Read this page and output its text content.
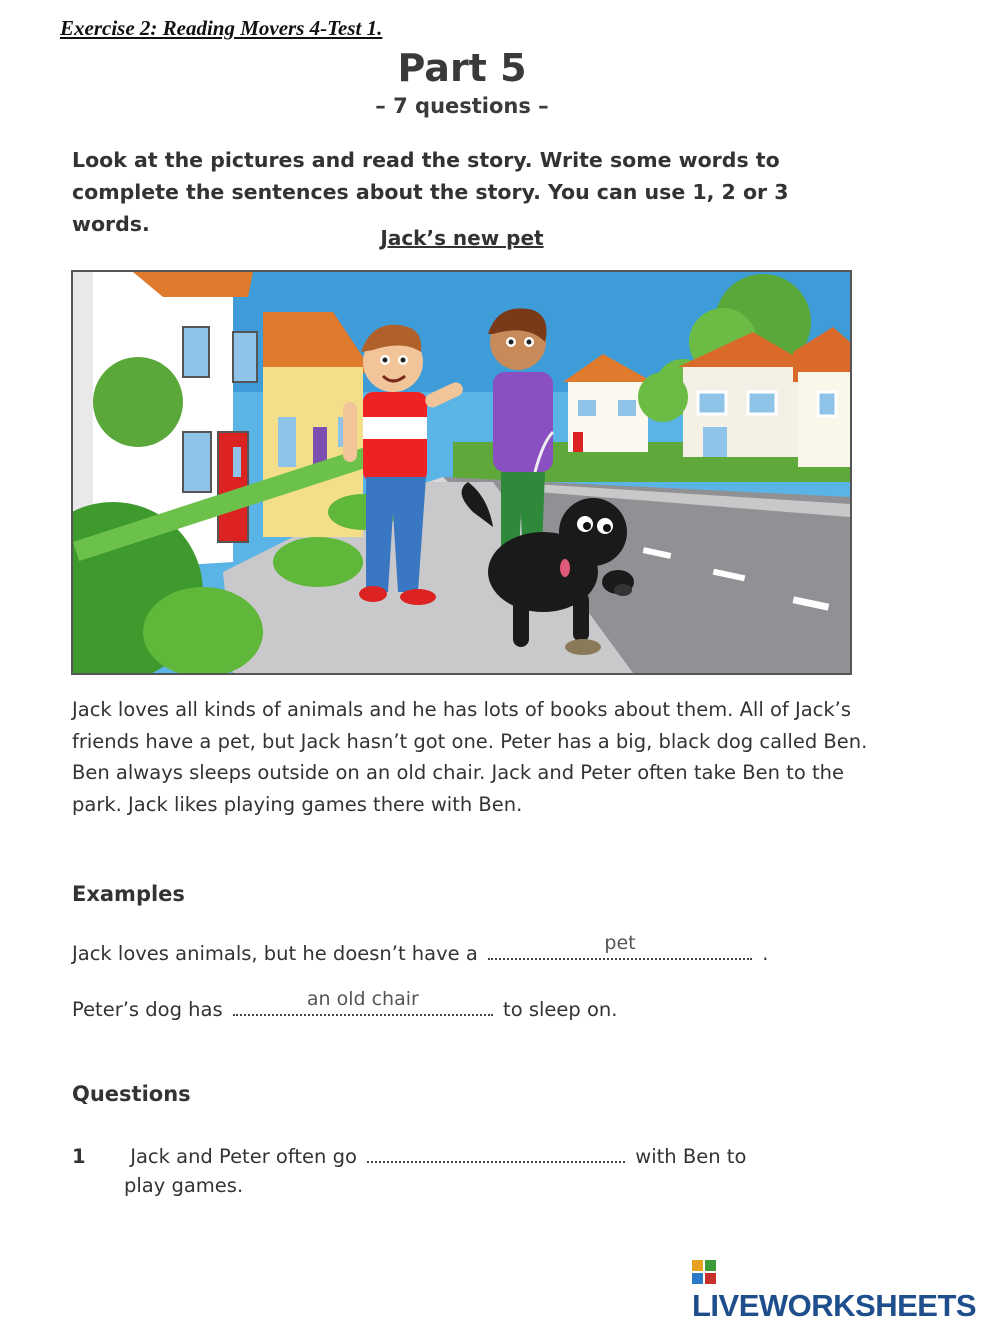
Exercise 2: Reading Movers 4-Test 1.
Part 5
– 7 questions –
Look at the pictures and read the story. Write some words to complete the sentences about the story. You can use 1, 2 or 3 words.
Jack’s new pet
Jack loves all kinds of animals and he has lots of books about them. All of Jack’s friends have a pet, but Jack hasn’t got one. Peter has a big, black dog called Ben. Ben always sleeps outside on an old chair. Jack and Peter often take Ben to the park. Jack likes playing games there with Ben.
Examples
Jack loves animals, but he doesn’t have a	pet	.
Peter’s dog has	an old chair	to sleep on.
Questions
1 Jack and Peter often go	with Ben to
play games.
LIVEWORKSHEETS
